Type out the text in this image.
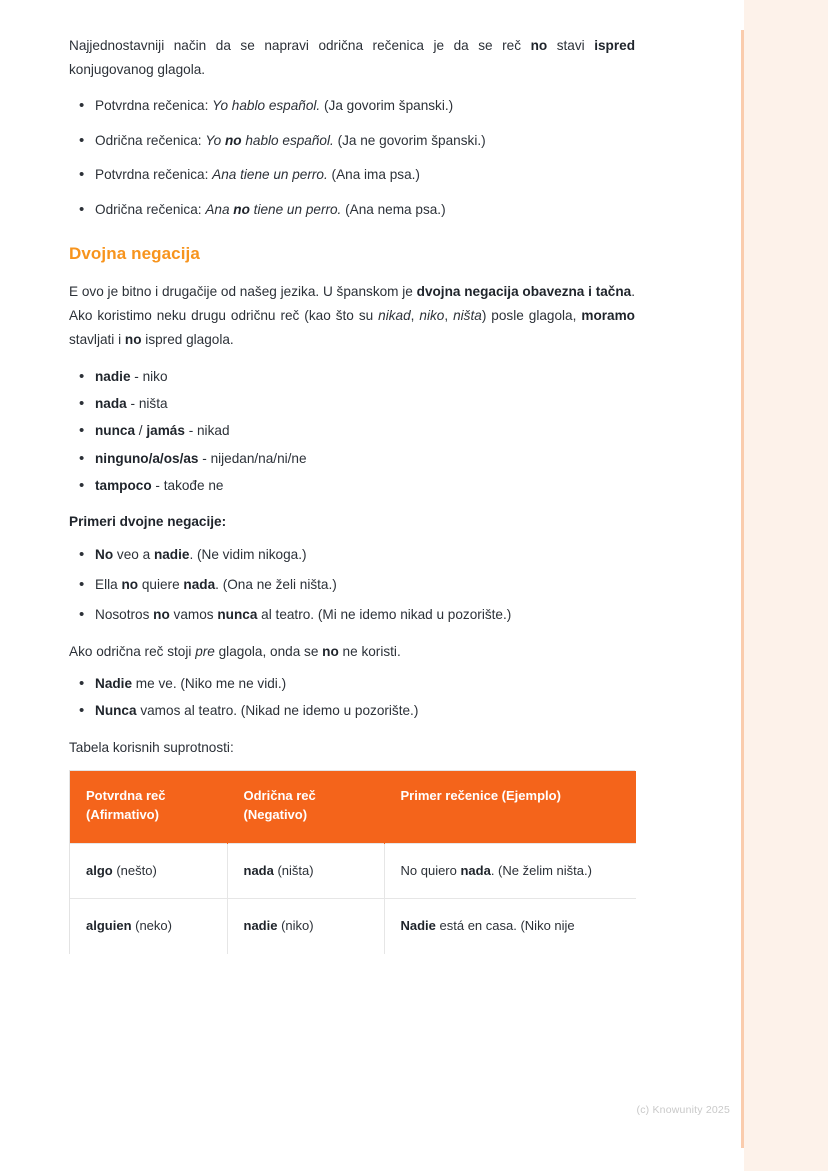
Najjednostavniji način da se napravi odrična rečenica je da se reč no stavi ispred konjugovanog glagola.

• Potvrdna rečenica: Yo hablo español. (Ja govorim španski.)
• Odrična rečenica: Yo no hablo español. (Ja ne govorim španski.)
• Potvrdna rečenica: Ana tiene un perro. (Ana ima psa.)
• Odrična rečenica: Ana no tiene un perro. (Ana nema psa.)
Dvojna negacija

E ovo je bitno i drugačije od našeg jezika. U španskom je dvojna negacija obavezna i tačna. Ako koristimo neku drugu odričnu reč (kao što su nikad, niko, ništa) posle glagola, moramo stavljati i no ispred glagola.

• nadie - niko
• nada - ništa
• nunca / jamás - nikad
• ninguno/a/os/as - nijedan/na/ni/ne
• tampoco - takođe ne

Primeri dvojne negacije:

• No veo a nadie. (Ne vidim nikoga.)
• Ella no quiere nada. (Ona ne želi ništa.)
• Nosotros no vamos nunca al teatro. (Mi ne idemo nikad u pozorište.)

Ako odrična reč stoji pre glagola, onda se no ne koristi.

• Nadie me ve. (Niko me ne vidi.)
• Nunca vamos al teatro. (Nikad ne idemo u pozorište.)

Tabela korisnih suprotnosti:

Potvrdna reč (Afirmativo)	Odrična reč (Negativo)	Primer rečenice (Ejemplo)
algo (nešto)	nada (ništa)	No quiero nada. (Ne želim ništa.)
alguien (neko)	nadie (niko)	Nadie está en casa. (Niko nije
(c) Knowunity 2025
